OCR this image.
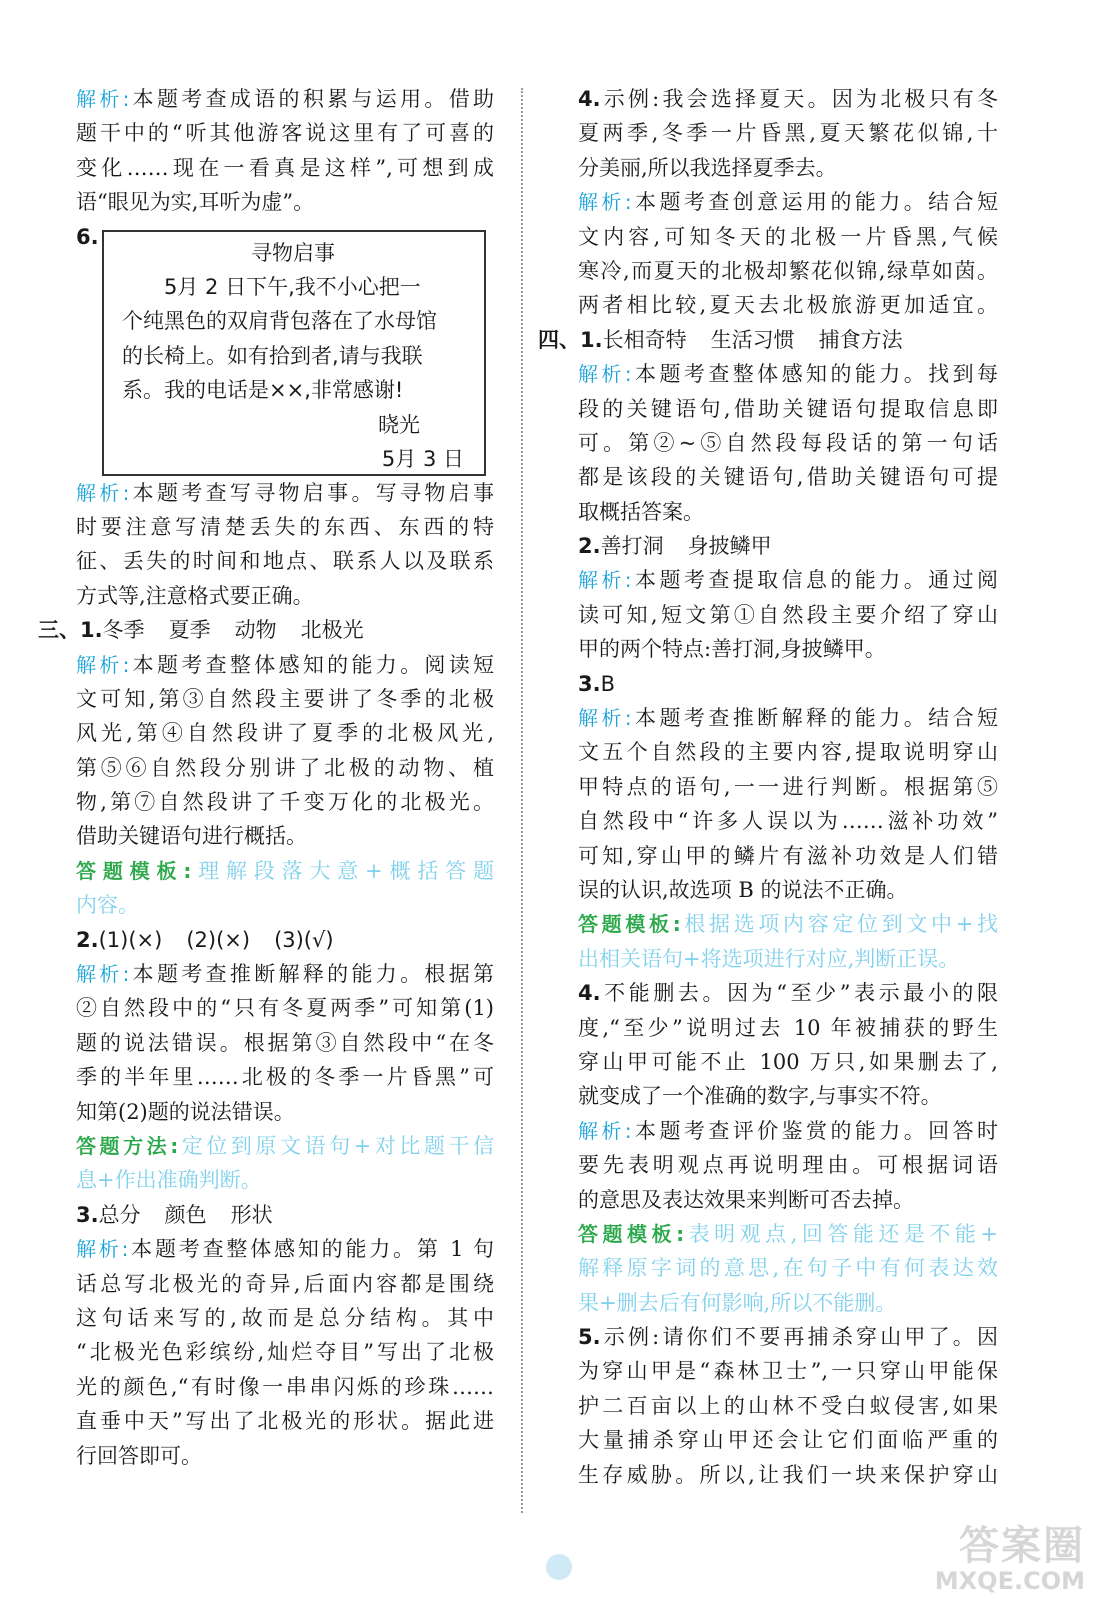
解析:本题考查成语的积累与运用。借助
题干中的“听其他游客说这里有了可喜的
变化……现在一看真是这样”,可想到成
语“眼见为实,耳听为虚”。
6.
寻物启事
5月 2 日下午,我不小心把一
个纯黑色的双肩背包落在了水母馆
的长椅上。如有拾到者,请与我联
系。我的电话是××,非常感谢!
晓光
5月 3 日
解析:本题考查写寻物启事。写寻物启事
时要注意写清楚丢失的东西、东西的特
征、丢失的时间和地点、联系人以及联系
方式等,注意格式要正确。
三、1.冬季 夏季 动物 北极光
解析:本题考查整体感知的能力。阅读短
文可知,第③自然段主要讲了冬季的北极
风光,第④自然段讲了夏季的北极风光,
第⑤⑥自然段分别讲了北极的动物、植
物,第⑦自然段讲了千变万化的北极光。
借助关键语句进行概括。
答题模板:理解段落大意+概括答题
内容。
2.(1)(×) (2)(×) (3)(√)
解析:本题考查推断解释的能力。根据第
②自然段中的“只有冬夏两季”可知第(1)
题的说法错误。根据第③自然段中“在冬
季的半年里……北极的冬季一片昏黑”可
知第(2)题的说法错误。
答题方法:定位到原文语句+对比题干信
息+作出准确判断。
3.总分 颜色 形状
解析:本题考查整体感知的能力。第 1 句
话总写北极光的奇异,后面内容都是围绕
这句话来写的,故而是总分结构。其中
“北极光色彩缤纷,灿烂夺目”写出了北极
光的颜色,“有时像一串串闪烁的珍珠……
直垂中天”写出了北极光的形状。据此进
行回答即可。
4.示例:我会选择夏天。因为北极只有冬
夏两季,冬季一片昏黑,夏天繁花似锦,十
分美丽,所以我选择夏季去。
解析:本题考查创意运用的能力。结合短
文内容,可知冬天的北极一片昏黑,气候
寒冷,而夏天的北极却繁花似锦,绿草如茵。
两者相比较,夏天去北极旅游更加适宜。
四、1.长相奇特 生活习惯 捕食方法
解析:本题考查整体感知的能力。找到每
段的关键语句,借助关键语句提取信息即
可。第②~⑤自然段每段话的第一句话
都是该段的关键语句,借助关键语句可提
取概括答案。
2.善打洞 身披鳞甲
解析:本题考查提取信息的能力。通过阅
读可知,短文第①自然段主要介绍了穿山
甲的两个特点:善打洞,身披鳞甲。
3.B
解析:本题考查推断解释的能力。结合短
文五个自然段的主要内容,提取说明穿山
甲特点的语句,一一进行判断。根据第⑤
自然段中“许多人误以为……滋补功效”
可知,穿山甲的鳞片有滋补功效是人们错
误的认识,故选项 B 的说法不正确。
答题模板:根据选项内容定位到文中+找
出相关语句+将选项进行对应,判断正误。
4.不能删去。因为“至少”表示最小的限
度,“至少”说明过去 10 年被捕获的野生
穿山甲可能不止 100 万只,如果删去了,
就变成了一个准确的数字,与事实不符。
解析:本题考查评价鉴赏的能力。回答时
要先表明观点再说明理由。可根据词语
的意思及表达效果来判断可否去掉。
答题模板:表明观点,回答能还是不能+
解释原字词的意思,在句子中有何表达效
果+删去后有何影响,所以不能删。
5.示例:请你们不要再捕杀穿山甲了。因
为穿山甲是“森林卫士”,一只穿山甲能保
护二百亩以上的山林不受白蚁侵害,如果
大量捕杀穿山甲还会让它们面临严重的
生存威胁。所以,让我们一块来保护穿山
答案圈
MXQE.COM
